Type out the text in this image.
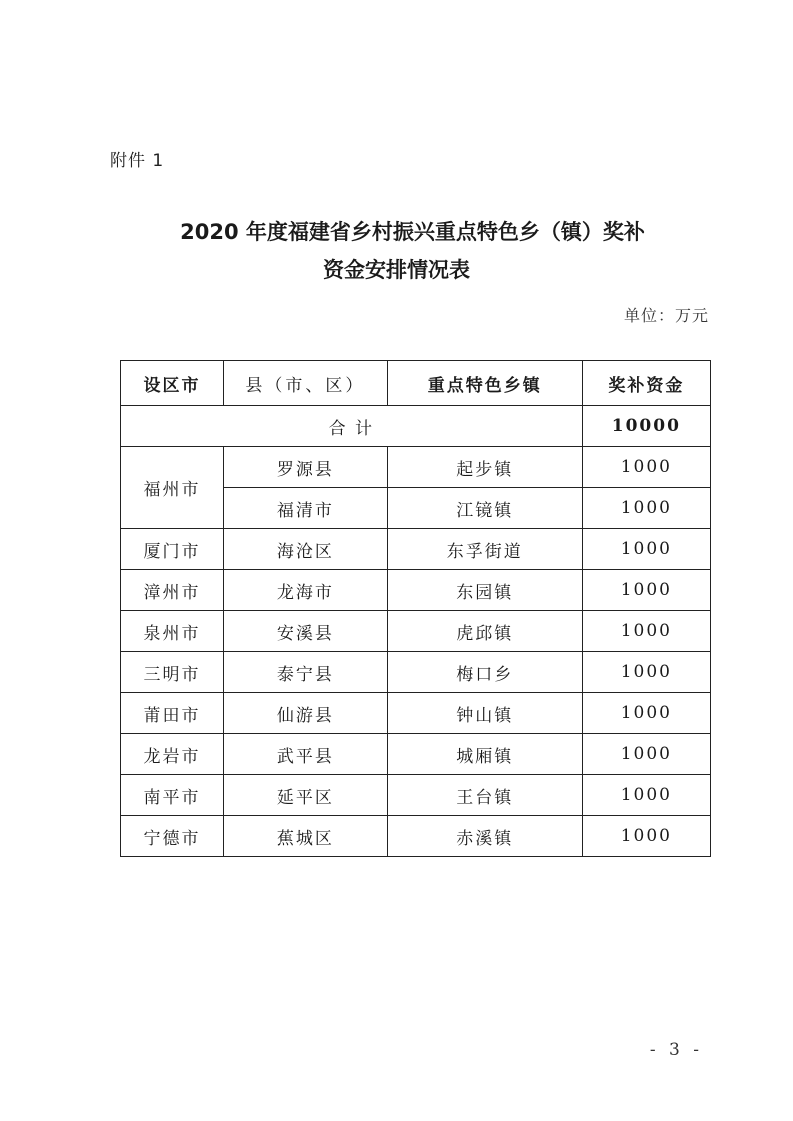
附件 1
2020 年度福建省乡村振兴重点特色乡（镇）奖补
资金安排情况表
单位：万元
设区市	县（市、区）	重点特色乡镇	奖补资金
合 计			10000
福州市	罗源县	起步镇	1000
	福清市	江镜镇	1000
厦门市	海沧区	东孚街道	1000
漳州市	龙海市	东园镇	1000
泉州市	安溪县	虎邱镇	1000
三明市	泰宁县	梅口乡	1000
莆田市	仙游县	钟山镇	1000
龙岩市	武平县	城厢镇	1000
南平市	延平区	王台镇	1000
宁德市	蕉城区	赤溪镇	1000
- 3 -
